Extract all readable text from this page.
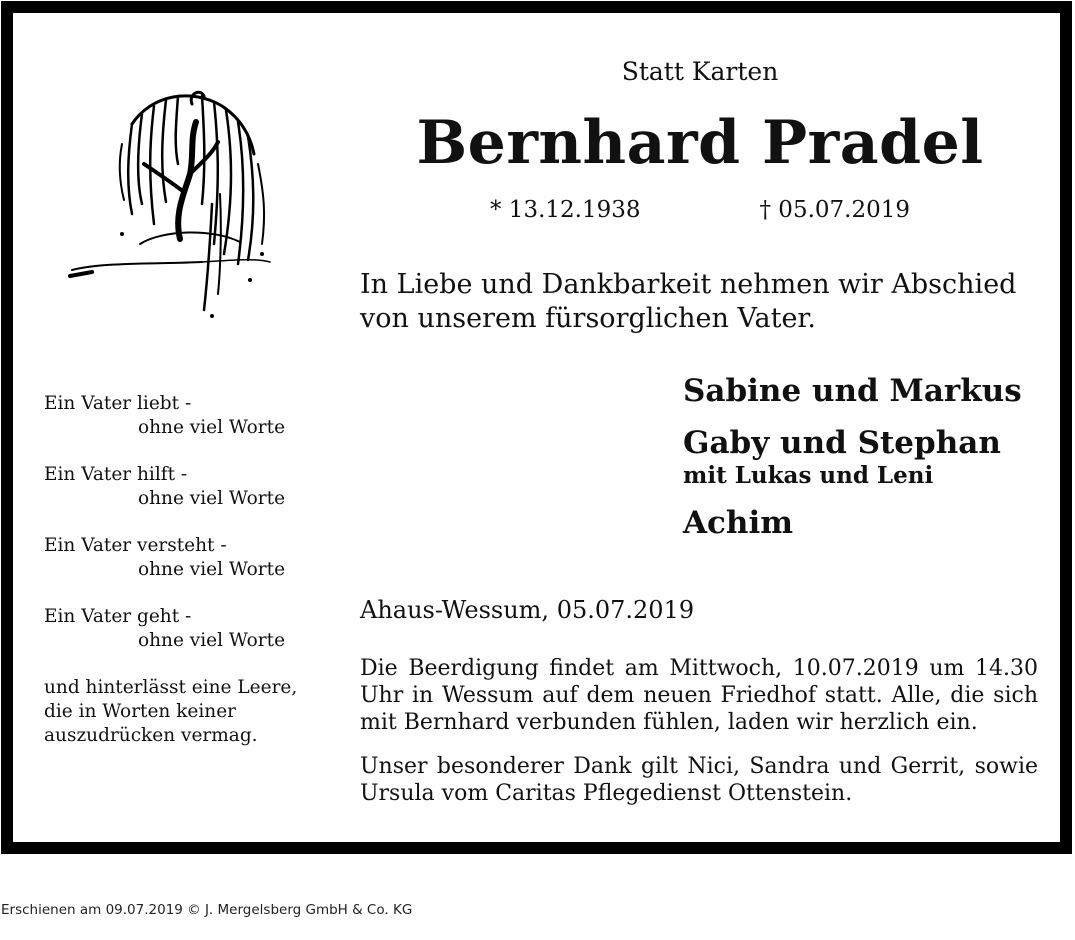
Statt Karten
Bernhard Pradel
* 13.12.1938	† 05.07.2019
In Liebe und Dankbarkeit nehmen wir Abschied
von unserem fürsorglichen Vater.
Sabine und Markus
Gaby und Stephan
mit Lukas und Leni
Achim
Ahaus-Wessum, 05.07.2019
Die Beerdigung findet am Mittwoch, 10.07.2019 um 14.30 Uhr in Wessum auf dem neuen Friedhof statt. Alle, die sich mit Bernhard verbunden fühlen, laden wir herzlich ein.
Unser besonderer Dank gilt Nici, Sandra und Gerrit, sowie Ursula vom Caritas Pflegedienst Ottenstein.
Ein Vater liebt -
ohne viel Worte
Ein Vater hilft -
ohne viel Worte
Ein Vater versteht -
ohne viel Worte
Ein Vater geht -
ohne viel Worte
und hinterlässt eine Leere,
die in Worten keiner
auszudrücken vermag.
Erschienen am 09.07.2019 © J. Mergelsberg GmbH & Co. KG
